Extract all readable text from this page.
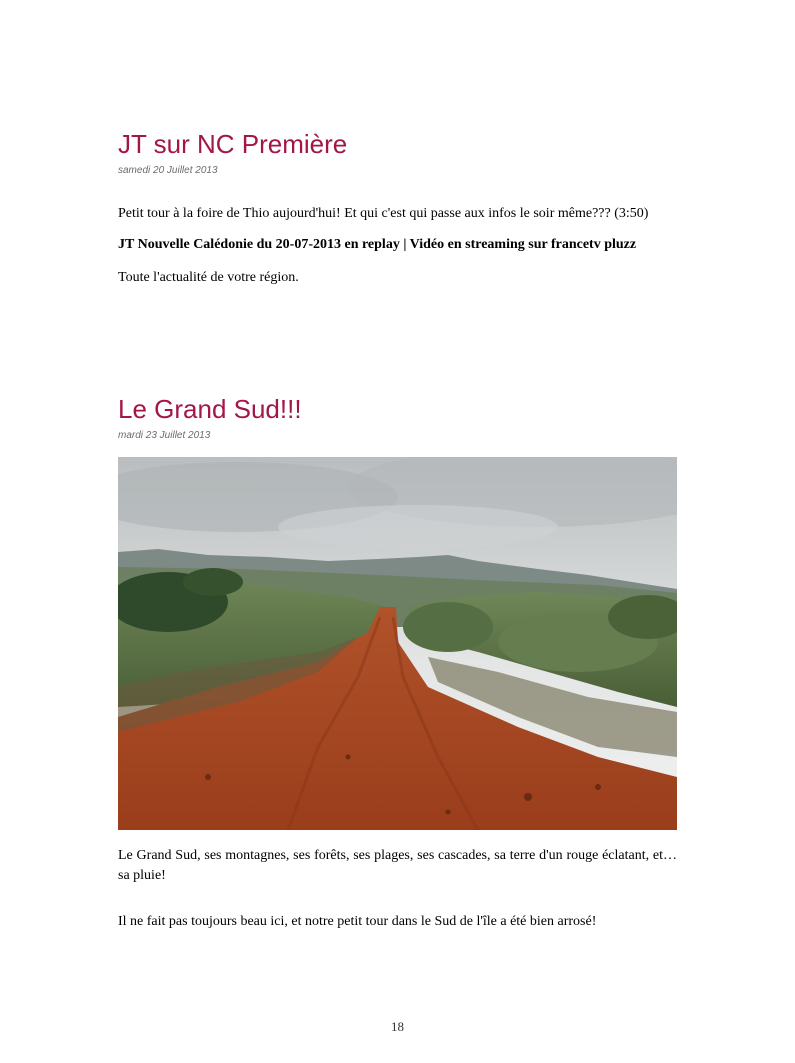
JT sur NC Première
samedi 20 Juillet 2013

Petit tour à la foire de Thio aujourd'hui! Et qui c'est qui passe aux infos le soir même??? (3:50)

JT Nouvelle Calédonie du 20-07-2013 en replay | Vidéo en streaming sur francetv pluzz

Toute l'actualité de votre région.

Le Grand Sud!!!
mardi 23 Juillet 2013

Le Grand Sud, ses montagnes, ses forêts, ses plages, ses cascades, sa terre d'un rouge éclatant, et… sa pluie!

Il ne fait pas toujours beau ici, et notre petit tour dans le Sud de l'île a été bien arrosé!

18
